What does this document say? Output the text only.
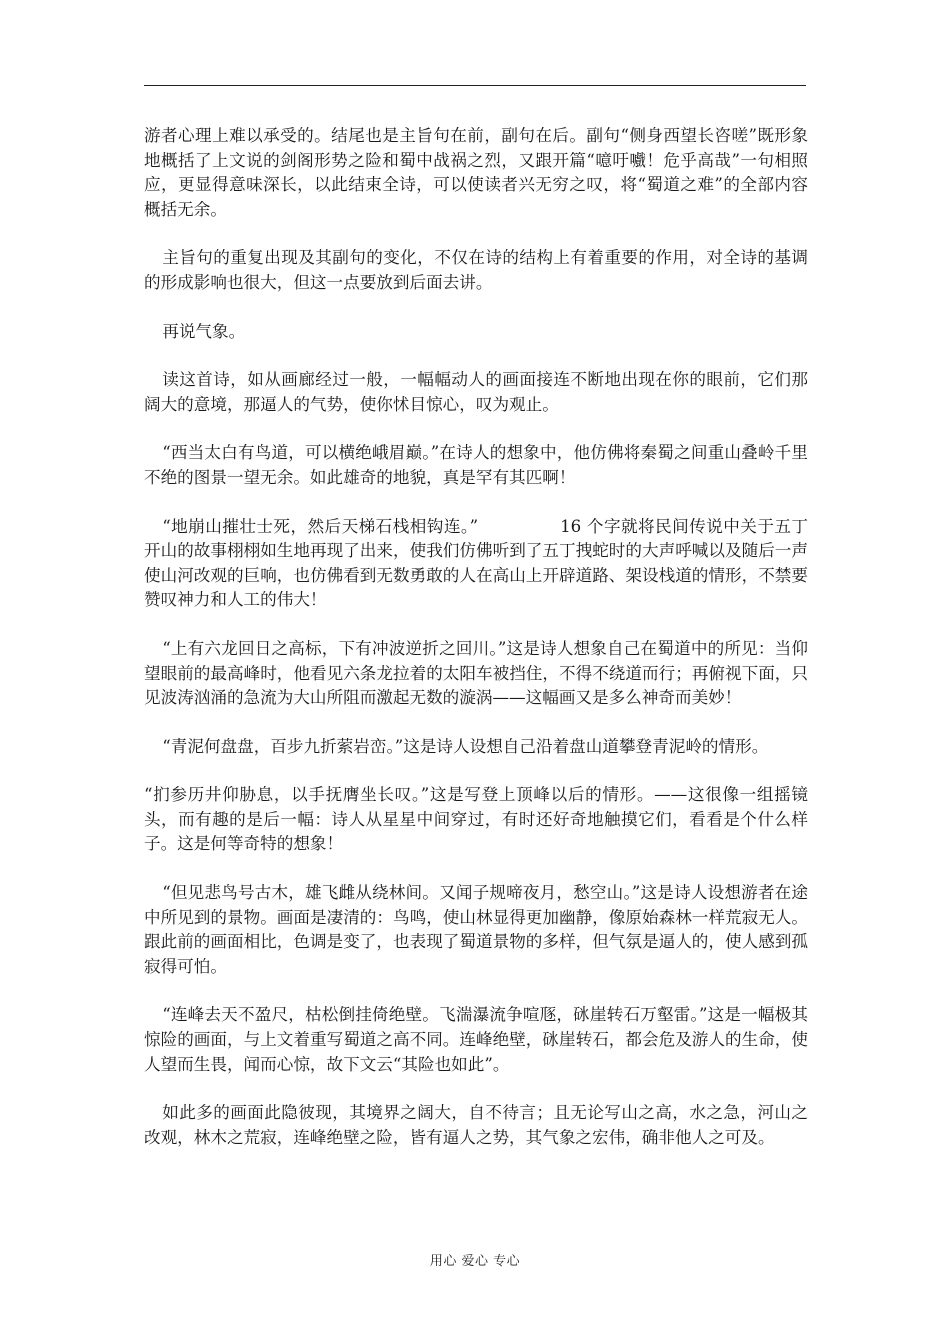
游者心理上难以承受的。结尾也是主旨句在前，副句在后。副句“侧身西望长咨嗟”既形象地概括了上文说的剑阁形势之险和蜀中战祸之烈，又跟开篇“噫吁嚱！危乎高哉”一句相照应，更显得意味深长，以此结束全诗，可以使读者兴无穷之叹，将“蜀道之难”的全部内容概括无余。

主旨句的重复出现及其副句的变化，不仅在诗的结构上有着重要的作用，对全诗的基调的形成影响也很大，但这一点要放到后面去讲。

再说气象。

读这首诗，如从画廊经过一般，一幅幅动人的画面接连不断地出现在你的眼前，它们那阔大的意境，那逼人的气势，使你怵目惊心，叹为观止。

“西当太白有鸟道，可以横绝峨眉巅。”在诗人的想象中，他仿佛将秦蜀之间重山叠岭千里不绝的图景一望无余。如此雄奇的地貌，真是罕有其匹啊！

“地崩山摧壮士死，然后天梯石栈相钩连。”	16 个字就将民间传说中关于五丁开山的故事栩栩如生地再现了出来，使我们仿佛听到了五丁拽蛇时的大声呼喊以及随后一声使山河改观的巨响，也仿佛看到无数勇敢的人在高山上开辟道路、架设栈道的情形，不禁要赞叹神力和人工的伟大！

“上有六龙回日之高标，下有冲波逆折之回川。”这是诗人想象自己在蜀道中的所见：当仰望眼前的最高峰时，他看见六条龙拉着的太阳车被挡住，不得不绕道而行；再俯视下面，只见波涛汹涌的急流为大山所阻而激起无数的漩涡——这幅画又是多么神奇而美妙！

“青泥何盘盘，百步九折萦岩峦。”这是诗人设想自己沿着盘山道攀登青泥岭的情形。

“扪参历井仰胁息，以手抚膺坐长叹。”这是写登上顶峰以后的情形。——这很像一组摇镜头，而有趣的是后一幅：诗人从星星中间穿过，有时还好奇地触摸它们，看看是个什么样子。这是何等奇特的想象！

“但见悲鸟号古木，雄飞雌从绕林间。又闻子规啼夜月，愁空山。”这是诗人设想游者在途中所见到的景物。画面是凄清的：鸟鸣，使山林显得更加幽静，像原始森林一样荒寂无人。跟此前的画面相比，色调是变了，也表现了蜀道景物的多样，但气氛是逼人的，使人感到孤寂得可怕。

“连峰去天不盈尺，枯松倒挂倚绝壁。飞湍瀑流争喧豗，砯崖转石万壑雷。”这是一幅极其惊险的画面，与上文着重写蜀道之高不同。连峰绝壁，砯崖转石，都会危及游人的生命，使人望而生畏，闻而心惊，故下文云“其险也如此”。

如此多的画面此隐彼现，其境界之阔大，自不待言；且无论写山之高，水之急，河山之改观，林木之荒寂，连峰绝壁之险，皆有逼人之势，其气象之宏伟，确非他人之可及。

用心 爱心 专心
